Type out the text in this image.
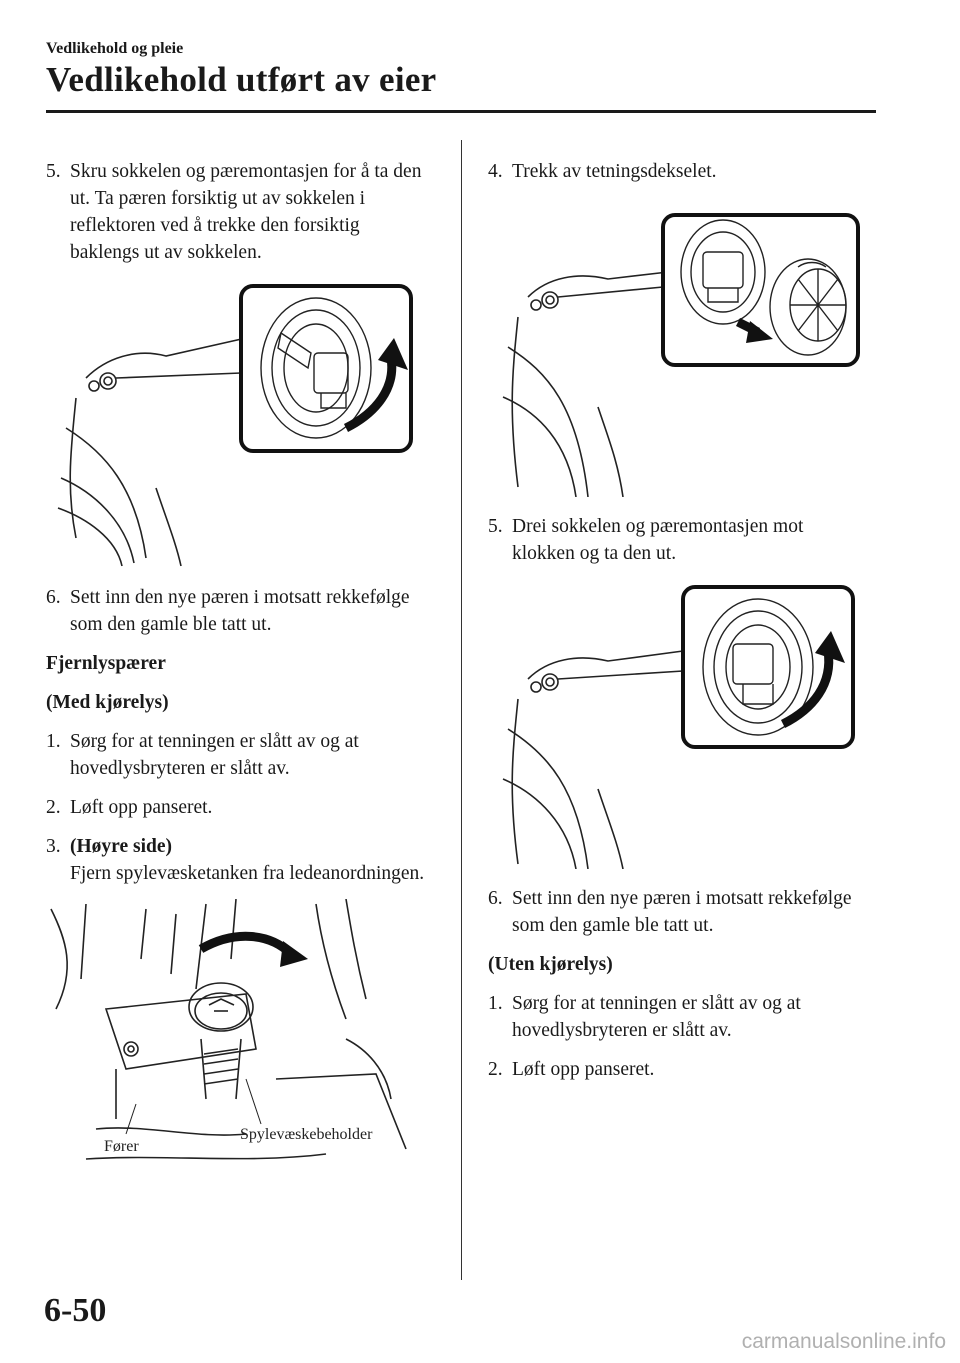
Vedlikehold og pleie
Vedlikehold utført av eier
5. Skru sokkelen og pæremontasjen for å ta den ut. Ta pæren forsiktig ut av sokkelen i reflektoren ved å trekke den forsiktig baklengs ut av sokkelen.
6. Sett inn den nye pæren i motsatt rekkefølge som den gamle ble tatt ut.
Fjernlyspærer
(Med kjørelys)
1. Sørg for at tenningen er slått av og at hovedlysbryteren er slått av.
2. Løft opp panseret.
3. (Høyre side)
Fjern spylevæsketanken fra ledeanordningen.
Fører
Spylevæskebeholder
4. Trekk av tetningsdekselet.
5. Drei sokkelen og pæremontasjen mot klokken og ta den ut.
6. Sett inn den nye pæren i motsatt rekkefølge som den gamle ble tatt ut.
(Uten kjørelys)
1. Sørg for at tenningen er slått av og at hovedlysbryteren er slått av.
2. Løft opp panseret.
6-50
carmanualsonline.info
